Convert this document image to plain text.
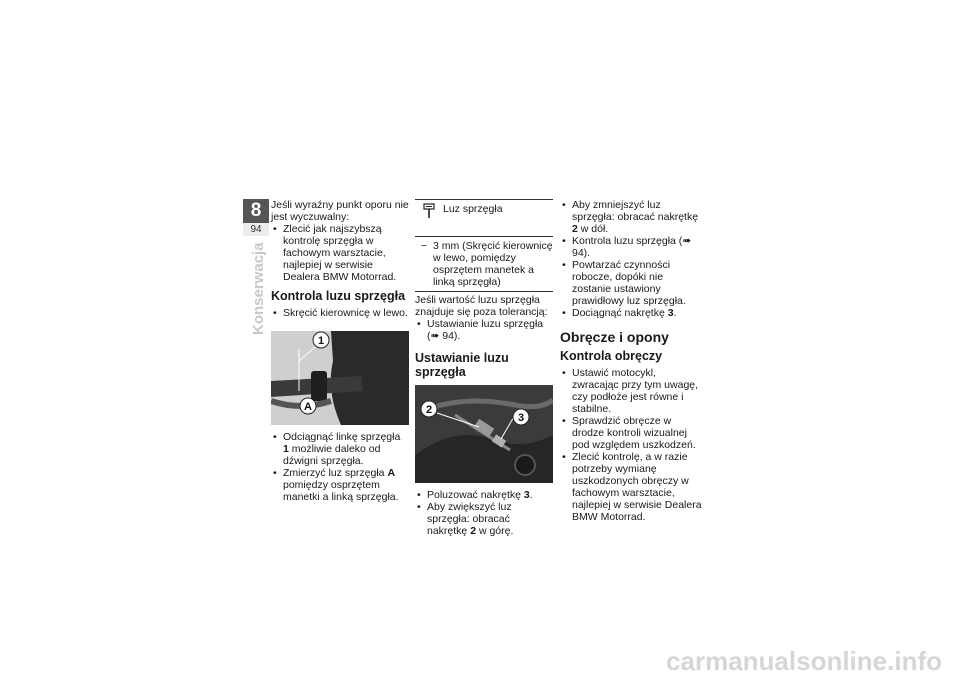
8
94
Konserwacja

Jeśli wyraźny punkt oporu nie jest wyczuwalny:

• Zlecić jak najszybszą kontrolę sprzęgła w fachowym warsztacie, najlepiej w serwisie Dealera BMW Motorrad.
Kontrola luzu sprzęgła
• Skręcić kierownicę w lewo.
1
A
• Odciągnąć linkę sprzęgła 1 możliwie daleko od dźwigni sprzęgła.
• Zmierzyć luz sprzęgła A pomiędzy osprzętem manetki a linką sprzęgła.
Luz sprzęgła
− 3 mm (Skręcić kierownicę w lewo, pomiędzy osprzętem manetek a linką sprzęgła)

Jeśli wartość luzu sprzęgła znajduje się poza tolerancją:

• Ustawianie luzu sprzęgła (➠ 94).
Ustawianie luzu sprzęgła
2
3
• Poluzować nakrętkę 3.
• Aby zwiększyć luz sprzęgła: obracać nakrętkę 2 w górę.
• Aby zmniejszyć luz sprzęgła: obracać nakrętkę 2 w dół.
• Kontrola luzu sprzęgła (➠ 94).
• Powtarzać czynności robocze, dopóki nie zostanie ustawiony prawidłowy luz sprzęgła.
• Dociągnąć nakrętkę 3.
Obręcze i opony
Kontrola obręczy
• Ustawić motocykl, zwracając przy tym uwagę, czy podłoże jest równe i stabilne.
• Sprawdzić obręcze w drodze kontroli wizualnej pod względem uszkodzeń.
• Zlecić kontrolę, a w razie potrzeby wymianę uszkodzonych obręczy w fachowym warsztacie, najlepiej w serwisie Dealera BMW Motorrad.
carmanualsonline.info
